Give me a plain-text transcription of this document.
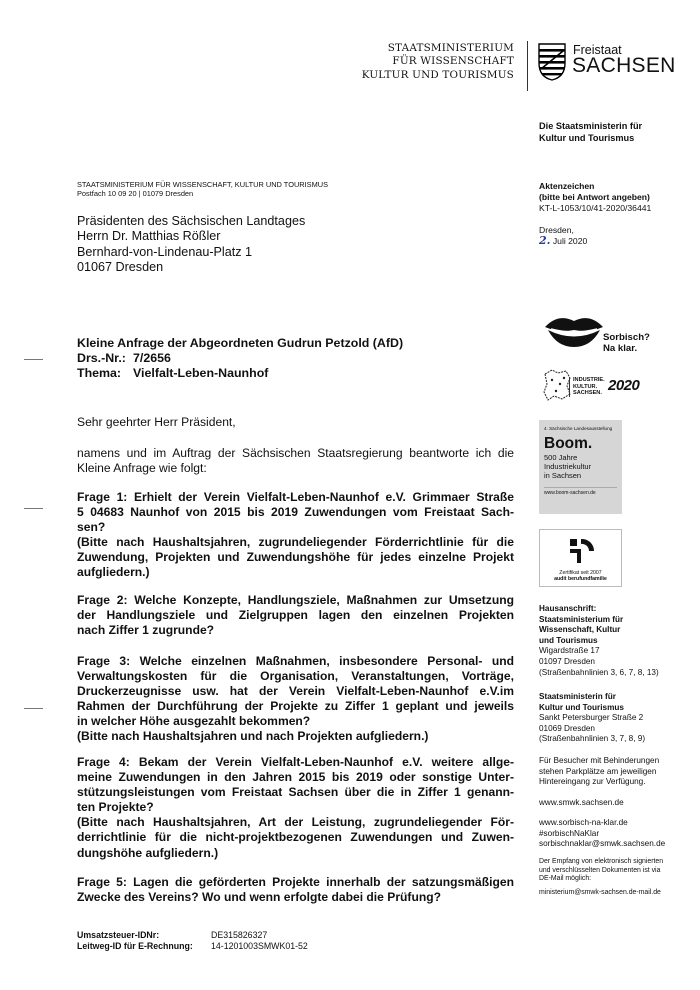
STAATSMINISTERIUM
FÜR WISSENSCHAFT
KULTUR UND TOURISMUS
Freistaat
SACHSEN
Die Staatsministerin für
Kultur und Tourismus
STAATSMINISTERIUM FÜR WISSENSCHAFT, KULTUR UND TOURISMUS
Postfach 10 09 20 | 01079 Dresden
Präsidenten des Sächsischen Landtages
Herrn Dr. Matthias Rößler
Bernhard-von-Lindenau-Platz 1
01067 Dresden
Aktenzeichen
(bitte bei Antwort angeben)
KT-L-1053/10/41-2020/36441
Dresden,
2. Juli 2020
Kleine Anfrage der Abgeordneten Gudrun Petzold (AfD)
Drs.-Nr.: 7/2656
Thema: Vielfalt-Leben-Naunhof
Sehr geehrter Herr Präsident,
namens und im Auftrag der Sächsischen Staatsregierung beantworte ich die
Kleine Anfrage wie folgt:
Frage 1: Erhielt der Verein Vielfalt-Leben-Naunhof e.V. Grimmaer Straße
5 04683 Naunhof von 2015 bis 2019 Zuwendungen vom Freistaat Sach-
sen?
(Bitte nach Haushaltsjahren, zugrundeliegender Förderrichtlinie für die
Zuwendung, Projekten und Zuwendungshöhe für jedes einzelne Projekt
aufgliedern.)
Frage 2: Welche Konzepte, Handlungsziele, Maßnahmen zur Umsetzung
der Handlungsziele und Zielgruppen lagen den einzelnen Projekten
nach Ziffer 1 zugrunde?
Frage 3: Welche einzelnen Maßnahmen, insbesondere Personal- und
Verwaltungskosten für die Organisation, Veranstaltungen, Vorträge,
Druckerzeugnisse usw. hat der Verein Vielfalt-Leben-Naunhof e.V.im
Rahmen der Durchführung der Projekte zu Ziffer 1 geplant und jeweils
in welcher Höhe ausgezahlt bekommen?
(Bitte nach Haushaltsjahren und nach Projekten aufgliedern.)
Frage 4: Bekam der Verein Vielfalt-Leben-Naunhof e.V. weitere allge-
meine Zuwendungen in den Jahren 2015 bis 2019 oder sonstige Unter-
stützungsleistungen vom Freistaat Sachsen über die in Ziffer 1 genann-
ten Projekte?
(Bitte nach Haushaltsjahren, Art der Leistung, zugrundeliegender För-
derrichtlinie für die nicht-projektbezogenen Zuwendungen und Zuwen-
dungshöhe aufgliedern.)
Frage 5: Lagen die geförderten Projekte innerhalb der satzungsmäßigen
Zwecke des Vereins? Wo und wenn erfolgte dabei die Prüfung?
Sorbisch?
Na klar.
INDUSTRIE.
KULTUR.
SACHSEN. 2020
4. Sächsische Landesausstellung
Boom.
500 Jahre
Industriekultur
in Sachsen
www.boom-sachsen.de
Zertifikat seit 2007
audit berufundfamilie
Hausanschrift:
Staatsministerium für
Wissenschaft, Kultur
und Tourismus
Wigardstraße 17
01097 Dresden
(Straßenbahnlinien 3, 6, 7, 8, 13)
Staatsministerin für
Kultur und Tourismus
Sankt Petersburger Straße 2
01069 Dresden
(Straßenbahnlinien 3, 7, 8, 9)
Für Besucher mit Behinderungen
stehen Parkplätze am jeweiligen
Hintereingang zur Verfügung.
www.smwk.sachsen.de
www.sorbisch-na-klar.de
#sorbischNaKlar
sorbischnaklar@smwk.sachsen.de
Der Empfang von elektronisch signierten
und verschlüsselten Dokumenten ist via
DE-Mail möglich:
ministerium@smwk-sachsen.de-mail.de
Umsatzsteuer-IDNr:	DE315826327
Leitweg-ID für E-Rechnung: 14-1201003SMWK01-52
